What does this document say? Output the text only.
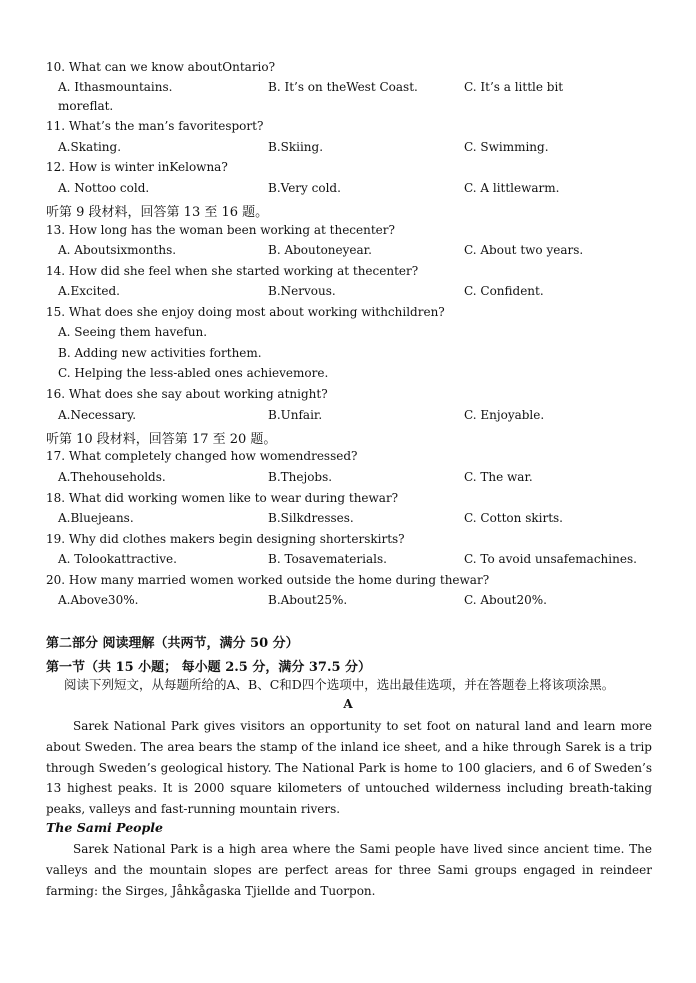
10. What can we know aboutOntario?
A. Ithasmountains.	B. It’s on theWest Coast.	C. It’s a little bit
moreflat.
11. What’s the man’s favoritesport?
A.Skating.	B.Skiing.	C. Swimming.
12. How is winter inKelowna?
A. Nottoo cold.	B.Very cold.	C. A littlewarm.
听第 9 段材料，回答第 13 至 16 题。
13. How long has the woman been working at thecenter?
A. Aboutsixmonths.	B. Aboutoneyear.	C. About two years.
14. How did she feel when she started working at thecenter?
A.Excited.	B.Nervous.	C. Confident.
15. What does she enjoy doing most about working withchildren?
A. Seeing them havefun.
B. Adding new activities forthem.
C. Helping the less-abled ones achievemore.
16. What does she say about working atnight?
A.Necessary.	B.Unfair.	C. Enjoyable.
听第 10 段材料，回答第 17 至 20 题。
17. What completely changed how womendressed?
A.Thehouseholds.	B.Thejobs.	C. The war.
18. What did working women like to wear during thewar?
A.Bluejeans.	B.Silkdresses.	C. Cotton skirts.
19. Why did clothes makers begin designing shorterskirts?
A. Tolookattractive.	B. Tosavematerials.	C. To avoid unsafemachines.
20. How many married women worked outside the home during thewar?
A.Above30%.	B.About25%.	C. About20%.
第二部分 阅读理解（共两节，满分 50 分）
第一节（共 15 小题； 每小题 2.5 分，满分 37.5 分）
阅读下列短文，从每题所给的A、B、C和D四个选项中，选出最佳选项，并在答题卷上将该项涂黑。
A
Sarek National Park gives visitors an opportunity to set foot on natural land and learn more about Sweden. The area bears the stamp of the inland ice sheet, and a hike through Sarek is a trip through Sweden’s geological history. The National Park is home to 100 glaciers, and 6 of Sweden’s 13 highest peaks. It is 2000 square kilometers of untouched wilderness including breath-taking peaks, valleys and fast-running mountain rivers.
The Sami People
Sarek National Park is a high area where the Sami people have lived since ancient time. The valleys and the mountain slopes are perfect areas for three Sami groups engaged in reindeer farming: the Sirges, Jåhkågaska Tjiellde and Tuorpon.
